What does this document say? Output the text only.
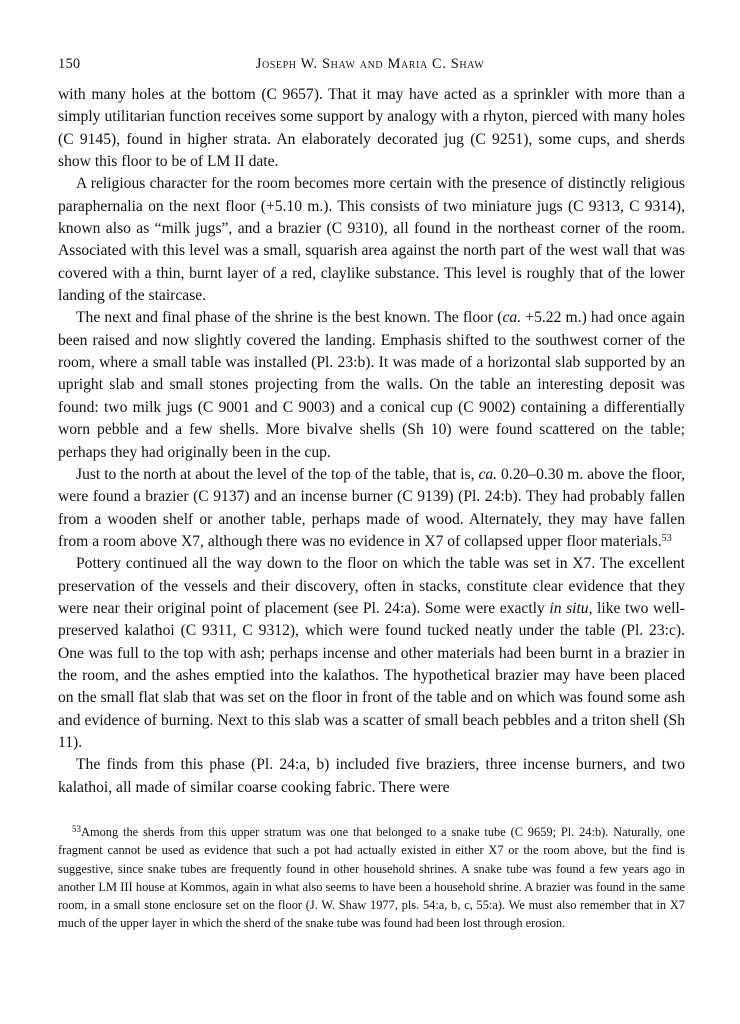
150	Joseph W. Shaw and Maria C. Shaw

with many holes at the bottom (C 9657). That it may have acted as a sprinkler with more than a simply utilitarian function receives some support by analogy with a rhyton, pierced with many holes (C 9145), found in higher strata. An elaborately decorated jug (C 9251), some cups, and sherds show this floor to be of LM II date.

A religious character for the room becomes more certain with the presence of distinctly religious paraphernalia on the next floor (+5.10 m.). This consists of two miniature jugs (C 9313, C 9314), known also as “milk jugs”, and a brazier (C 9310), all found in the northeast corner of the room. Associated with this level was a small, squarish area against the north part of the west wall that was covered with a thin, burnt layer of a red, claylike substance. This level is roughly that of the lower landing of the staircase.

The next and final phase of the shrine is the best known. The floor (ca. +5.22 m.) had once again been raised and now slightly covered the landing. Emphasis shifted to the southwest corner of the room, where a small table was installed (Pl. 23:b). It was made of a horizontal slab supported by an upright slab and small stones projecting from the walls. On the table an interesting deposit was found: two milk jugs (C 9001 and C 9003) and a conical cup (C 9002) containing a differentially worn pebble and a few shells. More bivalve shells (Sh 10) were found scattered on the table; perhaps they had originally been in the cup.

Just to the north at about the level of the top of the table, that is, ca. 0.20–0.30 m. above the floor, were found a brazier (C 9137) and an incense burner (C 9139) (Pl. 24:b). They had probably fallen from a wooden shelf or another table, perhaps made of wood. Alternately, they may have fallen from a room above X7, although there was no evidence in X7 of collapsed upper floor materials.$^{53}$

Pottery continued all the way down to the floor on which the table was set in X7. The excellent preservation of the vessels and their discovery, often in stacks, constitute clear evidence that they were near their original point of placement (see Pl. 24:a). Some were exactly in situ, like two well-preserved kalathoi (C 9311, C 9312), which were found tucked neatly under the table (Pl. 23:c). One was full to the top with ash; perhaps incense and other materials had been burnt in a brazier in the room, and the ashes emptied into the kalathos. The hypothetical brazier may have been placed on the small flat slab that was set on the floor in front of the table and on which was found some ash and evidence of burning. Next to this slab was a scatter of small beach pebbles and a triton shell (Sh 11).

The finds from this phase (Pl. 24:a, b) included five braziers, three incense burners, and two kalathoi, all made of similar coarse cooking fabric. There were

$^{53}$Among the sherds from this upper stratum was one that belonged to a snake tube (C 9659; Pl. 24:b). Naturally, one fragment cannot be used as evidence that such a pot had actually existed in either X7 or the room above, but the find is suggestive, since snake tubes are frequently found in other household shrines. A snake tube was found a few years ago in another LM III house at Kommos, again in what also seems to have been a household shrine. A brazier was found in the same room, in a small stone enclosure set on the floor (J. W. Shaw 1977, pls. 54:a, b, c, 55:a). We must also remember that in X7 much of the upper layer in which the sherd of the snake tube was found had been lost through erosion.
